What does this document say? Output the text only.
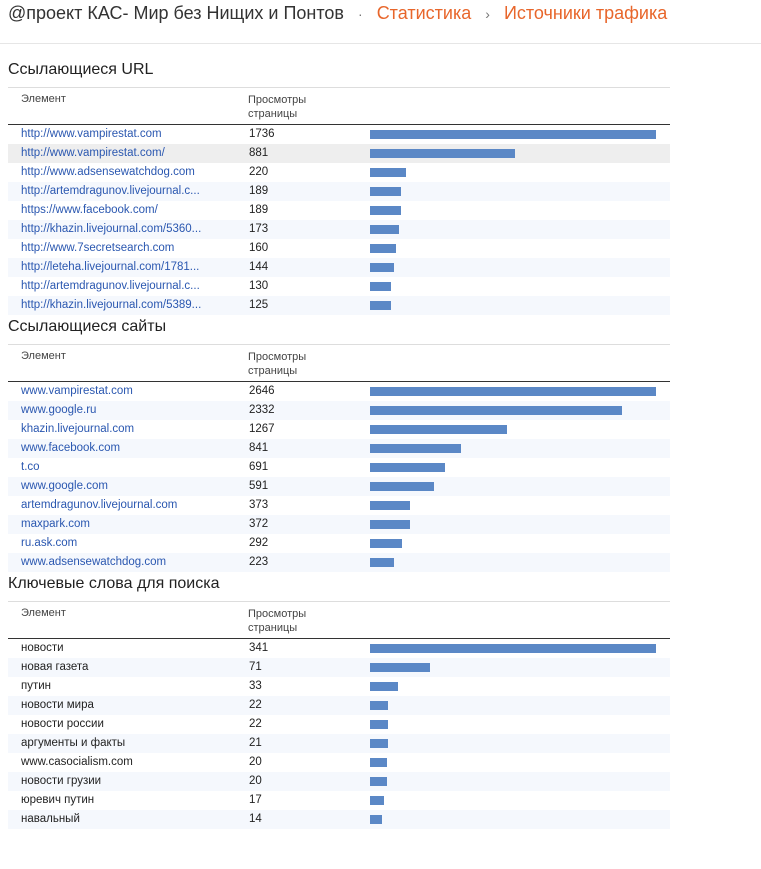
@проект КАС- Мир без Нищих и Понтов · Статистика › Источники трафика
Ссылающиеся URL
Элемент	Просмотры страницы
http://www.vampirestat.com	1736
http://www.vampirestat.com/	881
http://www.adsensewatchdog.com	220
http://artemdragunov.livejournal.c...	189
https://www.facebook.com/	189
http://khazin.livejournal.com/5360...	173
http://www.7secretsearch.com	160
http://leteha.livejournal.com/1781...	144
http://artemdragunov.livejournal.c...	130
http://khazin.livejournal.com/5389...	125
Ссылающиеся сайты
Элемент	Просмотры страницы
www.vampirestat.com	2646
www.google.ru	2332
khazin.livejournal.com	1267
www.facebook.com	841
t.co	691
www.google.com	591
artemdragunov.livejournal.com	373
maxpark.com	372
ru.ask.com	292
www.adsensewatchdog.com	223
Ключевые слова для поиска
Элемент	Просмотры страницы
новости	341
новая газета	71
путин	33
новости мира	22
новости россии	22
аргументы и факты	21
www.casocialism.com	20
новости грузии	20
юревич путин	17
навальный	14
